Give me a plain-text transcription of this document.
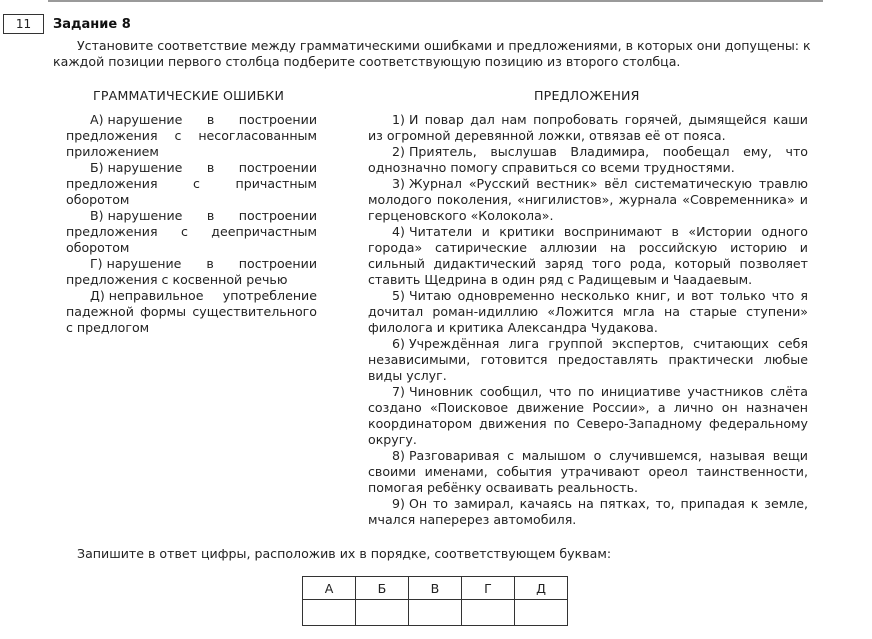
11	Задание 8
Установите соответствие между грамматическими ошибками и предложениями, в которых они допущены: к каждой позиции первого столбца подберите соответствующую позицию из второго столбца.
ГРАММАТИЧЕСКИЕ ОШИБКИ	ПРЕДЛОЖЕНИЯ

А) нарушение в построении предложения с несогласованным приложением

Б) нарушение в построении предложения с причастным оборотом

В) нарушение в построении предложения с деепричастным оборотом

Г) нарушение в построении предложения с косвенной речью

Д) неправильное употребление падежной формы существительного с предлогом

1) И повар дал нам попробовать горячей, дымящейся каши из огромной деревянной ложки, отвязав её от пояса.

2) Приятель, выслушав Владимира, пообещал ему, что однозначно помогу справиться со всеми трудностями.

3) Журнал «Русский вестник» вёл систематическую травлю молодого поколения, «нигилистов», журнала «Современника» и герценовского «Колокола».

4) Читатели и критики воспринимают в «Истории одного города» сатирические аллюзии на российскую историю и сильный дидактический заряд того рода, который позволяет ставить Щедрина в один ряд с Радищевым и Чаадаевым.

5) Читаю одновременно несколько книг, и вот только что я дочитал роман-идиллию «Ложится мгла на старые ступени» филолога и критика Александра Чудакова.

6) Учреждённая лига группой экспертов, считающих себя независимыми, готовится предоставлять практически любые виды услуг.

7) Чиновник сообщил, что по инициативе участников слёта создано «Поисковое движение России», а лично он назначен координатором движения по Северо-Западному федеральному округу.

8) Разговаривая с малышом о случившемся, называя вещи своими именами, события утрачивают ореол таинственности, помогая ребёнку осваивать реальность.

9) Он то замирал, качаясь на пятках, то, припадая к земле, мчался наперерез автомобиля.

Запишите в ответ цифры, расположив их в порядке, соответствующем буквам:
А	Б	В	Г	Д
